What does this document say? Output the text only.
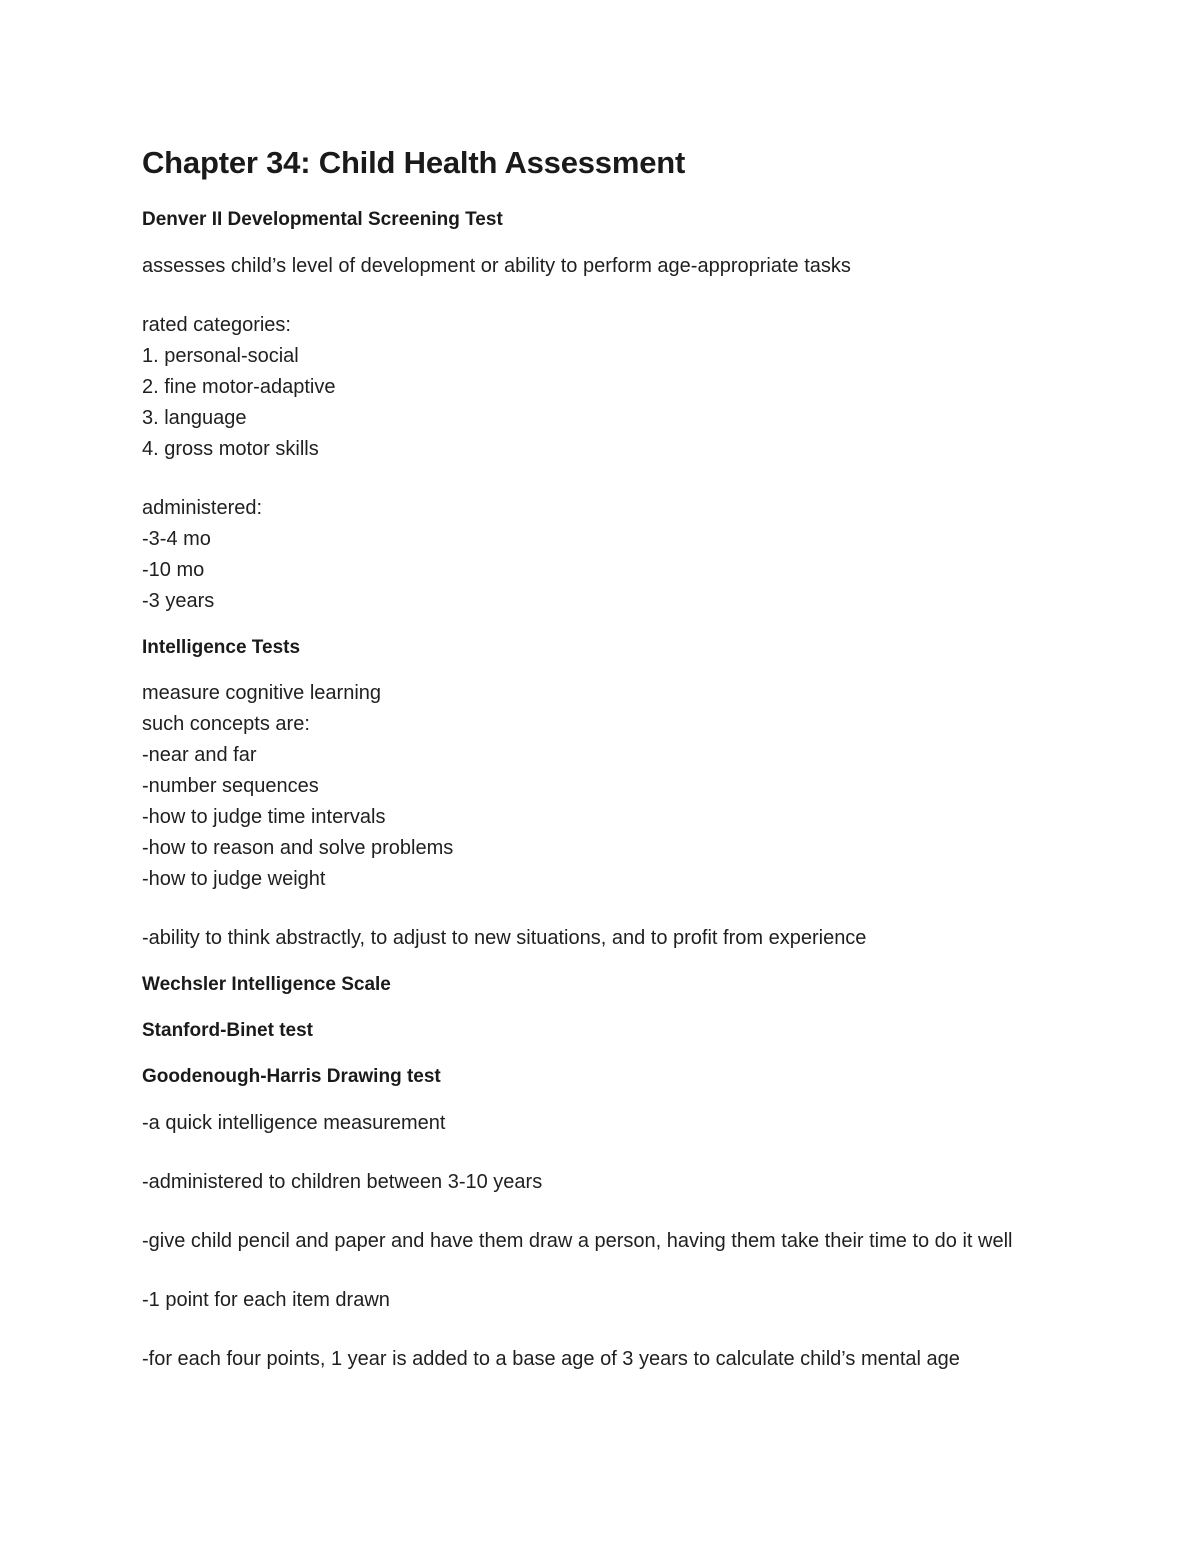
Chapter 34: Child Health Assessment
Denver II Developmental Screening Test
assesses child’s level of development or ability to perform age-appropriate tasks
rated categories:
1. personal-social
2. fine motor-adaptive
3. language
4. gross motor skills
administered:
-3-4 mo
-10 mo
-3 years
Intelligence Tests
measure cognitive learning
such concepts are:
-near and far
-number sequences
-how to judge time intervals
-how to reason and solve problems
-how to judge weight
-ability to think abstractly, to adjust to new situations, and to profit from experience
Wechsler Intelligence Scale
Stanford-Binet test
Goodenough-Harris Drawing test
-a quick intelligence measurement
-administered to children between 3-10 years
-give child pencil and paper and have them draw a person, having them take their time to do it well
-1 point for each item drawn
-for each four points, 1 year is added to a base age of 3 years to calculate child’s mental age
